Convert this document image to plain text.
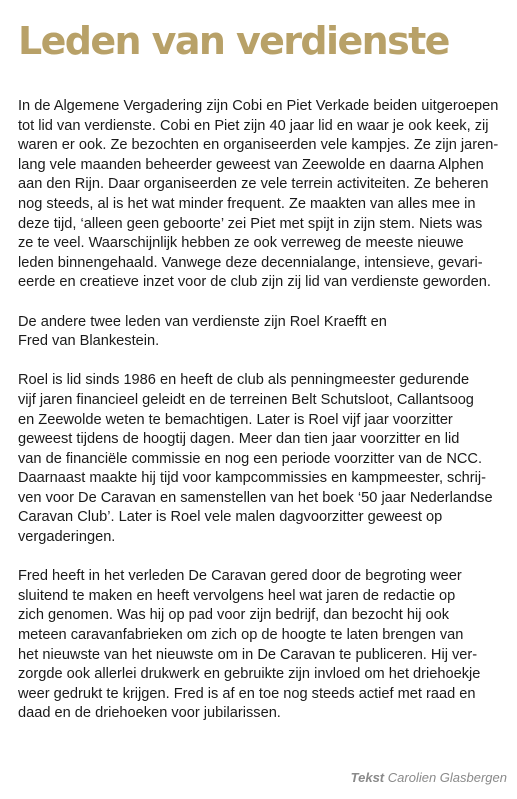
Leden van verdienste

In de Algemene Vergadering zijn Cobi en Piet Verkade beiden uitgeroepen
tot lid van verdienste. Cobi en Piet zijn 40 jaar lid en waar je ook keek, zij
waren er ook. Ze bezochten en organiseerden vele kampjes. Ze zijn jaren-
lang vele maanden beheerder geweest van Zeewolde en daarna Alphen
aan den Rijn. Daar organiseerden ze vele terrein activiteiten. Ze beheren
nog steeds, al is het wat minder frequent. Ze maakten van alles mee in
deze tijd, ‘alleen geen geboorte’ zei Piet met spijt in zijn stem. Niets was
ze te veel. Waarschijnlijk hebben ze ook verreweg de meeste nieuwe
leden binnengehaald. Vanwege deze decennialange, intensieve, gevari-
eerde en creatieve inzet voor de club zijn zij lid van verdienste geworden.

De andere twee leden van verdienste zijn Roel Kraefft en
Fred van Blankestein.

Roel is lid sinds 1986 en heeft de club als penningmeester gedurende
vijf jaren financieel geleidt en de terreinen Belt Schutsloot, Callantsoog
en Zeewolde weten te bemachtigen. Later is Roel vijf jaar voorzitter
geweest tijdens de hoogtij dagen. Meer dan tien jaar voorzitter en lid
van de financiële commissie en nog een periode voorzitter van de NCC.
Daarnaast maakte hij tijd voor kampcommissies en kampmeester, schrij-
ven voor De Caravan en samenstellen van het boek ‘50 jaar Nederlandse
Caravan Club’. Later is Roel vele malen dagvoorzitter geweest op
vergaderingen.

Fred heeft in het verleden De Caravan gered door de begroting weer
sluitend te maken en heeft vervolgens heel wat jaren de redactie op
zich genomen. Was hij op pad voor zijn bedrijf, dan bezocht hij ook
meteen caravanfabrieken om zich op de hoogte te laten brengen van
het nieuwste van het nieuwste om in De Caravan te publiceren. Hij ver-
zorgde ook allerlei drukwerk en gebruikte zijn invloed om het driehoekje
weer gedrukt te krijgen. Fred is af en toe nog steeds actief met raad en
daad en de driehoeken voor jubilarissen.

Tekst Carolien Glasbergen
